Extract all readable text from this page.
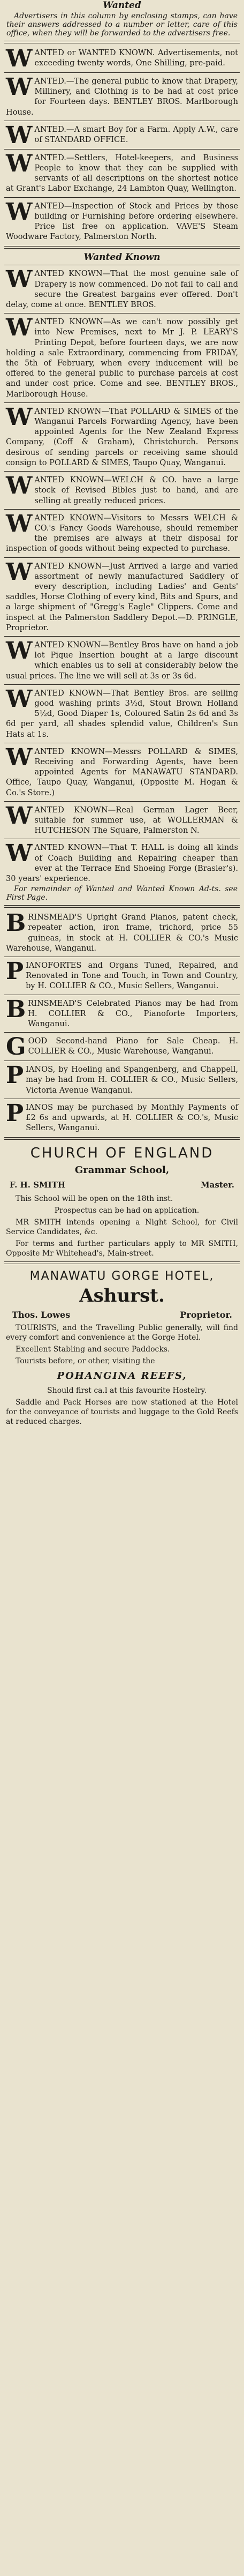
Wanted
Advertisers in this column by enclosing stamps, can have their answers addressed to a number or letter, care of this office, when they will be forwarded to the advertisers free.
WANTED or WANTED KNOWN. Advertisements, not exceeding twenty words, One Shilling, pre-paid.
WANTED.—The general public to know that Drapery, Millinery, and Clothing is to be had at cost price for Fourteen days. BENTLEY BROS. Marlborough House.
WANTED.—A smart Boy for a Farm. Apply A.W., care of STANDARD OFFICE.
WANTED.—Settlers, Hotel-keepers, and Business People to know that they can be supplied with servants of all descriptions on the shortest notice at Grant's Labor Exchange, 24 Lambton Quay, Wellington.
WANTED—Inspection of Stock and Prices by those building or Furnishing before ordering elsewhere. Price list free on application. VAVE'S Steam Woodware Factory, Palmerston North.
Wanted Known
WANTED KNOWN—That the most genuine sale of Drapery is now commenced. Do not fail to call and secure the Greatest bargains ever offered. Don't delay, come at once. BENTLEY BROS.
WANTED KNOWN—As we can't now possibly get into New Premises, next to Mr J. P. LEARY'S Printing Depot, before fourteen days, we are now holding a sale Extraordinary, commencing from FRIDAY, the 5th of February, when every inducement will be offered to the general public to purchase parcels at cost and under cost price. Come and see. BENTLEY BROS., Marlborough House.
WANTED KNOWN—That POLLARD & SIMES of the Wanganui Parcels Forwarding Agency, have been appointed Agents for the New Zealand Express Company, (Coff & Graham), Christchurch. Persons desirous of sending parcels or receiving same should consign to POLLARD & SIMES, Taupo Quay, Wanganui.
WANTED KNOWN—WELCH & CO. have a large stock of Revised Bibles just to hand, and are selling at greatly reduced prices.
WANTED KNOWN—Visitors to Messrs WELCH & CO.'s Fancy Goods Warehouse, should remember the premises are always at their disposal for inspection of goods without being expected to purchase.
WANTED KNOWN—Just Arrived a large and varied assortment of newly manufactured Saddlery of every description, including Ladies' and Gents' saddles, Horse Clothing of every kind, Bits and Spurs, and a large shipment of "Gregg's Eagle" Clippers. Come and inspect at the Palmerston Saddlery Depot.—D. PRINGLE, Proprietor.
WANTED KNOWN—Bentley Bros have on hand a job lot Pique Insertion bought at a large discount which enables us to sell at considerably below the usual prices. The line we will sell at 3s or 3s 6d.
WANTED KNOWN—That Bentley Bros. are selling good washing prints 3½d, Stout Brown Holland 5½d, Good Diaper 1s, Coloured Satin 2s 6d and 3s 6d per yard, all shades splendid value, Children's Sun Hats at 1s.
WANTED KNOWN—Messrs POLLARD & SIMES, Receiving and Forwarding Agents, have been appointed Agents for MANAWATU STANDARD. Office, Taupo Quay, Wanganui, (Opposite M. Hogan & Co.'s Store.)
WANTED KNOWN—Real German Lager Beer, suitable for summer use, at WOLLERMAN & HUTCHESON The Square, Palmerston N.
WANTED KNOWN—That T. HALL is doing all kinds of Coach Building and Repairing cheaper than ever at the Terrace End Shoeing Forge (Brasier's). 30 years' experience.
For remainder of Wanted and Wanted Known Ad-ts. see First Page.
BRINSMEAD'S Upright Grand Pianos, patent check, repeater action, iron frame, trichord, price 55 guineas, in stock at H. COLLIER & CO.'s Music Warehouse, Wanganui.
PIANOFORTES and Organs Tuned, Repaired, and Renovated in Tone and Touch, in Town and Country, by H. COLLIER & CO., Music Sellers, Wanganui.
BRINSMEAD'S Celebrated Pianos may be had from H. COLLIER & CO., Pianoforte Importers, Wanganui.
GOOD Second-hand Piano for Sale Cheap. H. COLLIER & CO., Music Warehouse, Wanganui.
PIANOS, by Hoeling and Spangenberg, and Chappell, may be had from H. COLLIER & CO., Music Sellers, Victoria Avenue Wanganui.
PIANOS may be purchased by Monthly Payments of £2 6s and upwards, at H. COLLIER & CO.'s, Music Sellers, Wanganui.
CHURCH OF ENGLAND
Grammar School,
F. H. SMITH	Master.
This School will be open on the 18th inst.
Prospectus can be had on application.
MR SMITH intends opening a Night School, for Civil Service Candidates, &c.
For terms and further particulars apply to MR SMITH, Opposite Mr Whitehead's, Main-street.
MANAWATU GORGE HOTEL,
Ashurst.
Thos. Lowes	Proprietor.
TOURISTS, and the Travelling Public generally, will find every comfort and convenience at the Gorge Hotel.
Excellent Stabling and secure Paddocks.
Tourists before, or other, visiting the
POHANGINA REEFS,
Should first ca.l at this favourite Hostelry.
Saddle and Pack Horses are now stationed at the Hotel for the conveyance of tourists and luggage to the Gold Reefs at reduced charges.
